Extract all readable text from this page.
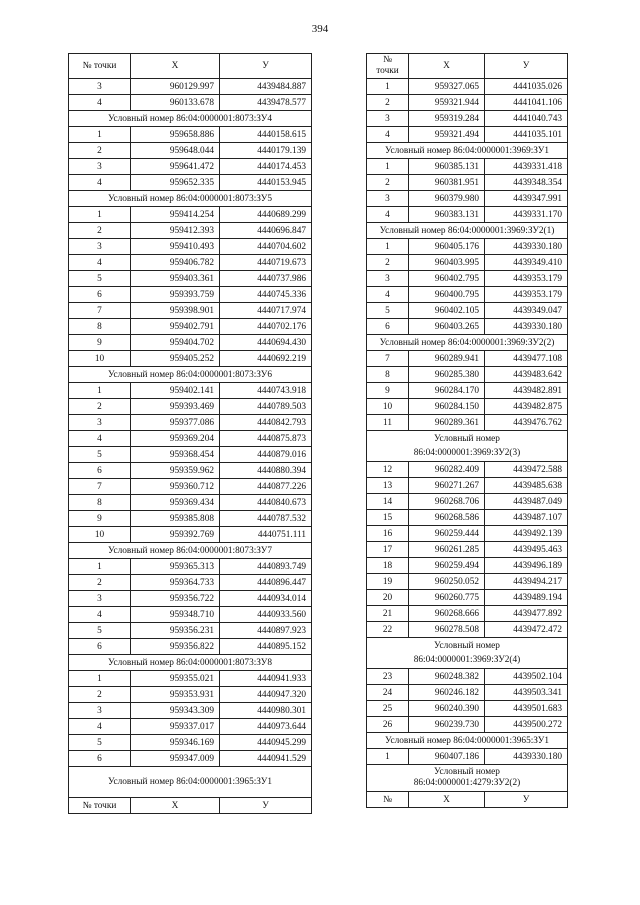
394
№ точки	X	У
3	960129.997	4439484.887
4	960133.678	4439478.577
Условный номер 86:04:0000001:8073:ЗУ4		
1	959658.886	4440158.615
2	959648.044	4440179.139
3	959641.472	4440174.453
4	959652.335	4440153.945
Условный номер 86:04:0000001:8073:ЗУ5		
1	959414.254	4440689.299
2	959412.393	4440696.847
3	959410.493	4440704.602
4	959406.782	4440719.673
5	959403.361	4440737.986
6	959393.759	4440745.336
7	959398.901	4440717.974
8	959402.791	4440702.176
9	959404.702	4440694.430
10	959405.252	4440692.219
Условный номер 86:04:0000001:8073:ЗУ6		
1	959402.141	4440743.918
2	959393.469	4440789.503
3	959377.086	4440842.793
4	959369.204	4440875.873
5	959368.454	4440879.016
6	959359.962	4440880.394
7	959360.712	4440877.226
8	959369.434	4440840.673
9	959385.808	4440787.532
10	959392.769	4440751.111
Условный номер 86:04:0000001:8073:ЗУ7		
1	959365.313	4440893.749
2	959364.733	4440896.447
3	959356.722	4440934.014
4	959348.710	4440933.560
5	959356.231	4440897.923
6	959356.822	4440895.152
Условный номер 86:04:0000001:8073:ЗУ8		
1	959355.021	4440941.933
2	959353.931	4440947.320
3	959343.309	4440980.301
4	959337.017	4440973.644
5	959346.169	4440945.299
6	959347.009	4440941.529
Условный номер 86:04:0000001:3965:ЗУ1		
№ точки	X	У
№
точки	X	У
1	959327.065	4441035.026
2	959321.944	4441041.106
3	959319.284	4441040.743
4	959321.494	4441035.101
Условный номер 86:04:0000001:3969:ЗУ1		
1	960385.131	4439331.418
2	960381.951	4439348.354
3	960379.980	4439347.991
4	960383.131	4439331.170
Условный номер 86:04:0000001:3969:ЗУ2(1)		
1	960405.176	4439330.180
2	960403.995	4439349.410
3	960402.795	4439353.179
4	960400.795	4439353.179
5	960402.105	4439349.047
6	960403.265	4439330.180
Условный номер 86:04:0000001:3969:ЗУ2(2)		
7	960289.941	4439477.108
8	960285.380	4439483.642
9	960284.170	4439482.891
10	960284.150	4439482.875
11	960289.361	4439476.762
Условный номер
86:04:0000001:3969:ЗУ2(3)		
12	960282.409	4439472.588
13	960271.267	4439485.638
14	960268.706	4439487.049
15	960268.586	4439487.107
16	960259.444	4439492.139
17	960261.285	4439495.463
18	960259.494	4439496.189
19	960250.052	4439494.217
20	960260.775	4439489.194
21	960268.666	4439477.892
22	960278.508	4439472.472
Условный номер
86:04:0000001:3969:ЗУ2(4)		
23	960248.382	4439502.104
24	960246.182	4439503.341
25	960240.390	4439501.683
26	960239.730	4439500.272
Условный номер 86:04:0000001:3965:ЗУ1		
1	960407.186	4439330.180
Условный номер
86:04:0000001:4279:ЗУ2(2)		
№	X	У
